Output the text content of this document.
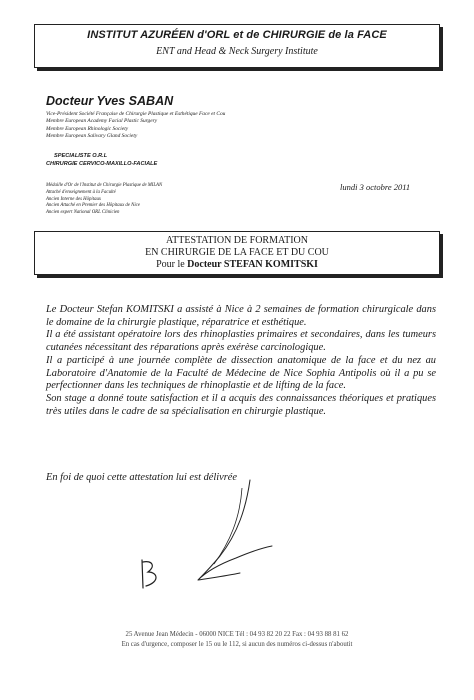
INSTITUT AZURÉEN d'ORL et de CHIRURGIE de la FACE
ENT and Head & Neck Surgery Institute
Docteur Yves SABAN
Vice-Président Société Française de Chirurgie Plastique et Esthétique Face et Cou
Membre European Academy Facial Plastic Surgery
Membre European Rhinologic Society
Membre European Salivary Gland Society
SPECIALISTE O.R.L
CHIRURGIE CERVICO-MAXILLO-FACIALE
Médaille d'Or de l'Institut de Chirurgie Plastique de MILAN
Attaché d'enseignement à la Faculté
Ancien Interne des Hôpitaux
Ancien Attaché en Premier des Hôpitaux de Nice
Ancien expert National ORL Clinicien
lundi 3 octobre 2011
ATTESTATION DE FORMATION
EN CHIRURGIE DE LA FACE ET DU COU
Pour le Docteur STEFAN KOMITSKI

Le Docteur Stefan KOMITSKI a assisté à Nice à 2 semaines de formation chirurgicale dans le domaine de la chirurgie plastique, réparatrice et esthétique.

Il a été assistant opératoire lors des rhinoplasties primaires et secondaires, dans les tumeurs cutanées nécessitant des réparations après exérèse carcinologique.

Il a participé à une journée complète de dissection anatomique de la face et du nez au Laboratoire d'Anatomie de la Faculté de Médecine de Nice Sophia Antipolis où il a pu se perfectionner dans les techniques de rhinoplastie et de lifting de la face.

Son stage a donné toute satisfaction et il a acquis des connaissances théoriques et pratiques très utiles dans le cadre de sa spécialisation en chirurgie plastique.

En foi de quoi cette attestation lui est délivrée
25 Avenue Jean Médecin - 06000 NICE Tél : 04 93 82 20 22 Fax : 04 93 88 81 62
En cas d'urgence, composer le 15 ou le 112, si aucun des numéros ci-dessus n'aboutit
